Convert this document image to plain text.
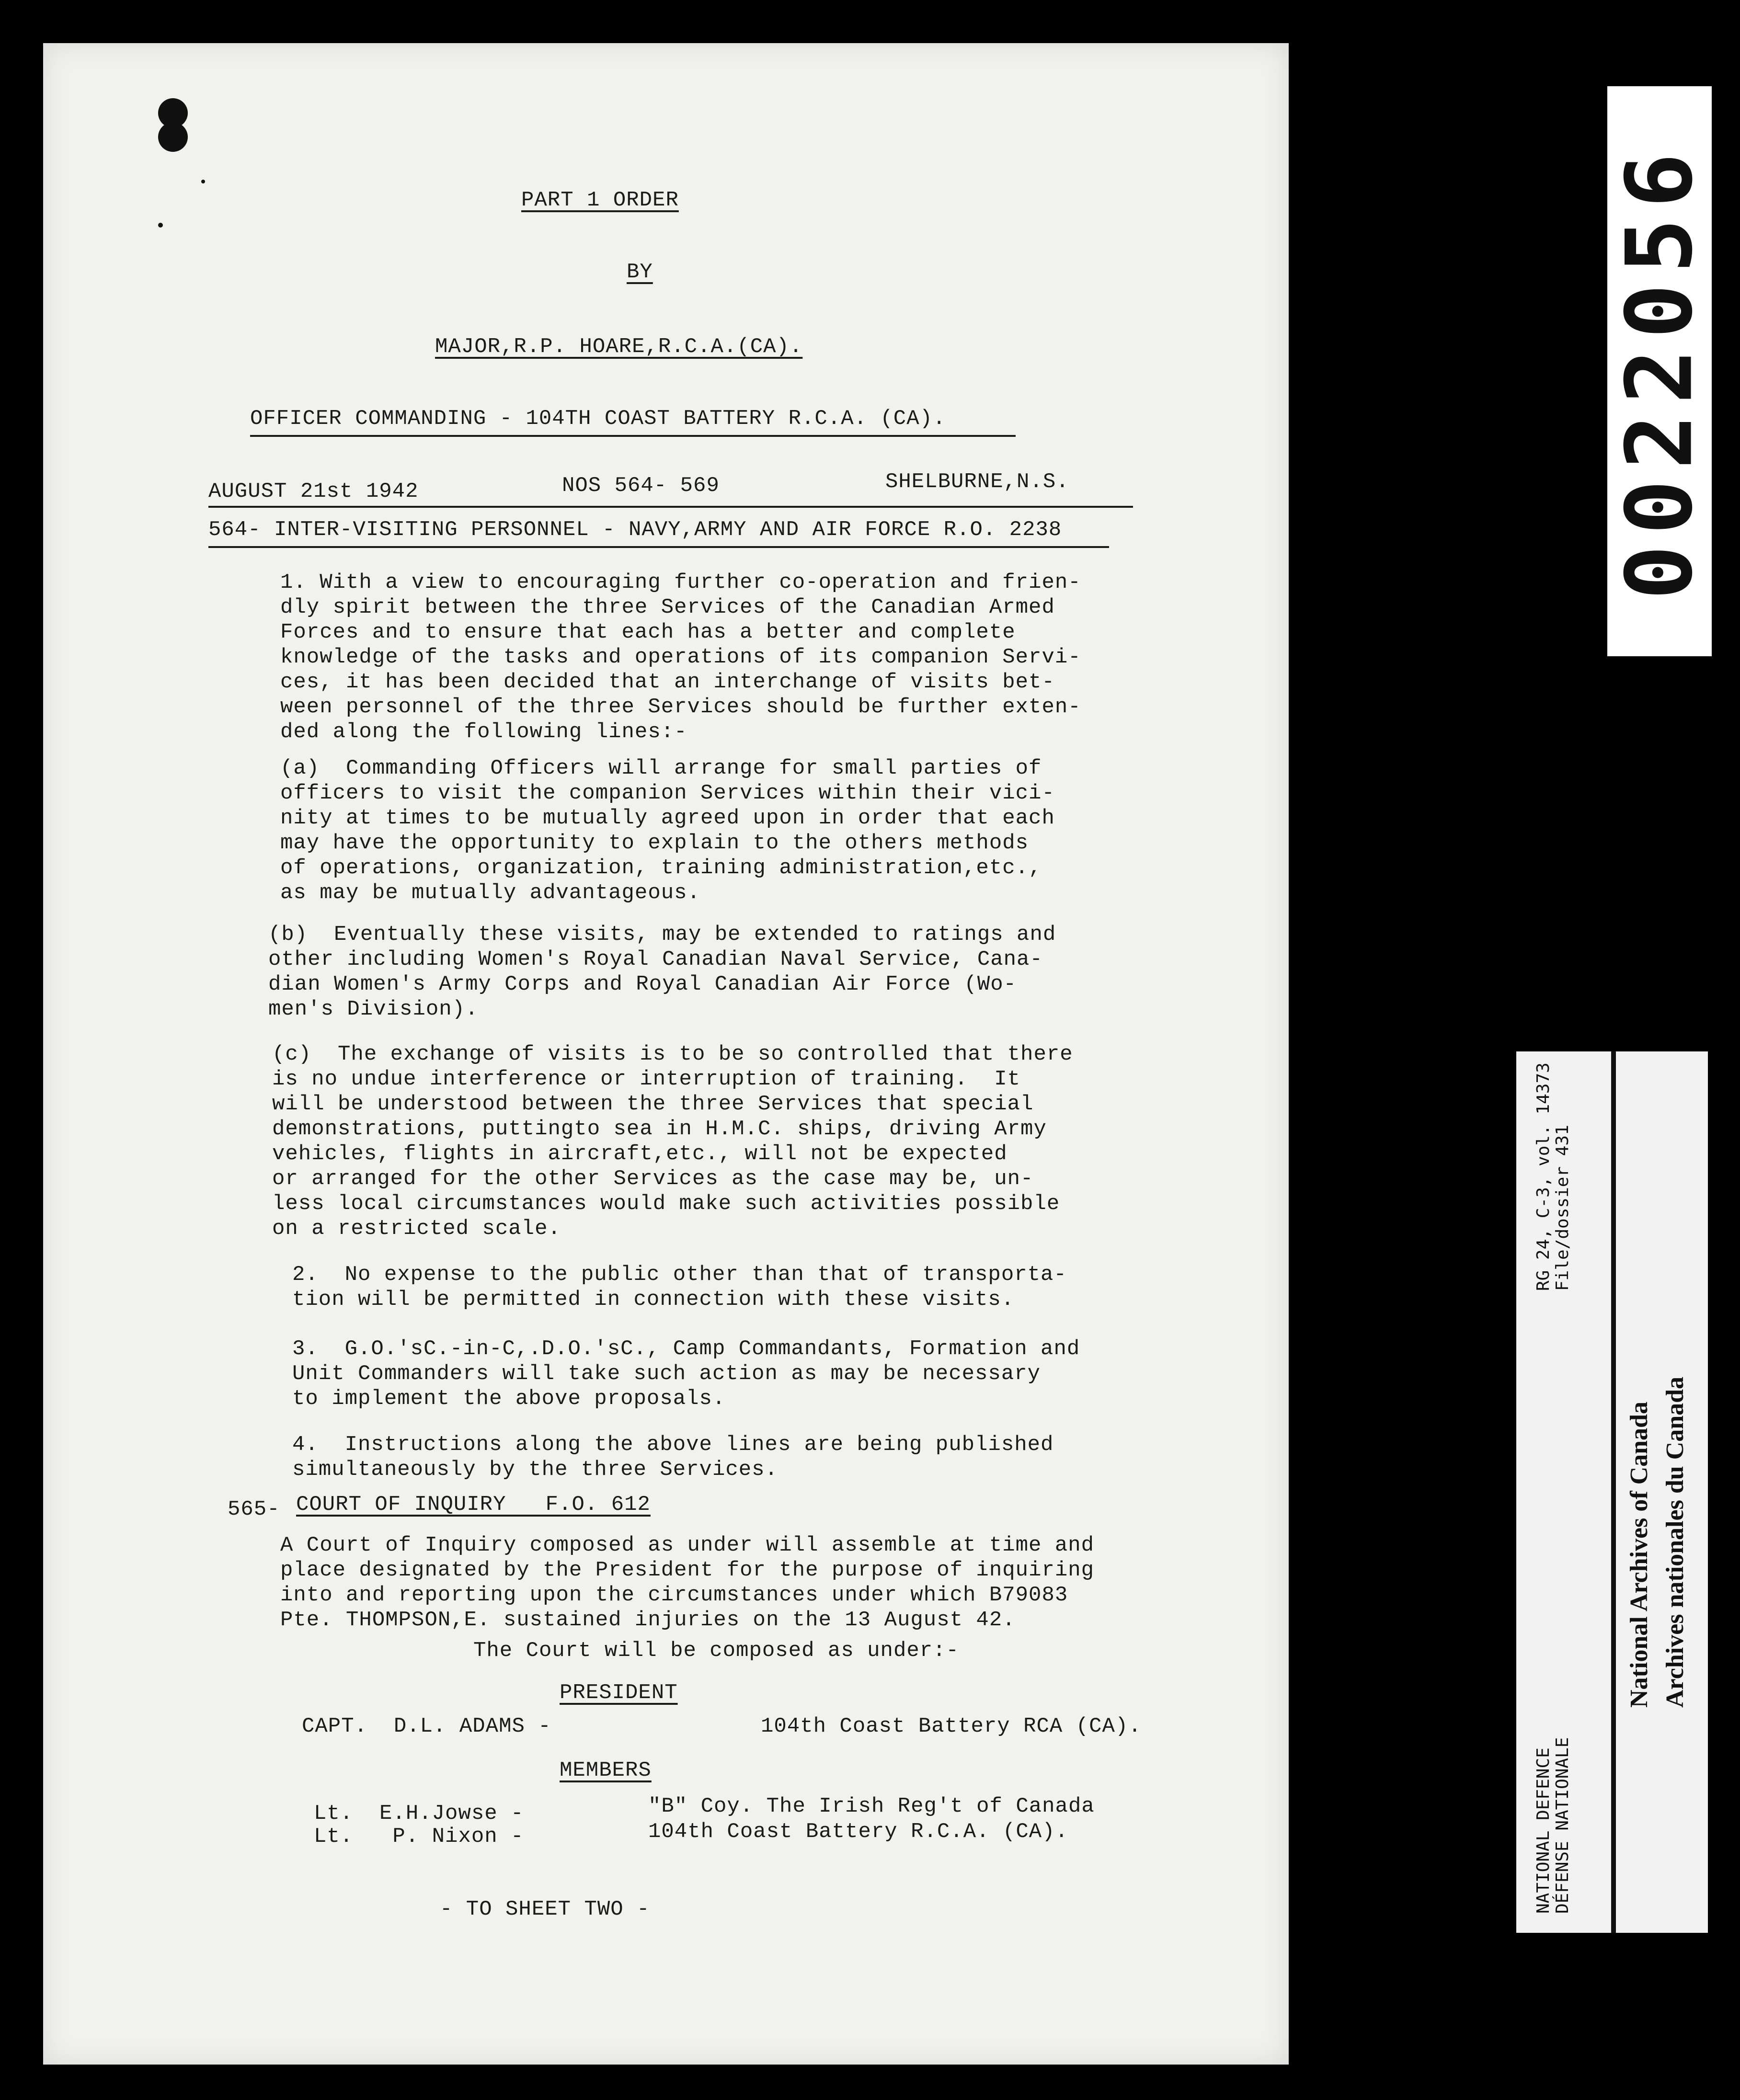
PART 1 ORDER
BY
MAJOR,R.P. HOARE,R.C.A.(CA).
OFFICER COMMANDING - 104TH COAST BATTERY R.C.A. (CA).
AUGUST 21st 1942	NOS 564- 569	SHELBURNE,N.S.
564- INTER-VISITING PERSONNEL - NAVY,ARMY AND AIR FORCE R.O. 2238
1. With a view to encouraging further co-operation and frien-
dly spirit between the three Services of the Canadian Armed
Forces and to ensure that each has a better and complete
knowledge of the tasks and operations of its companion Servi-
ces, it has been decided that an interchange of visits bet-
ween personnel of the three Services should be further exten-
ded along the following lines:-
(a)  Commanding Officers will arrange for small parties of
officers to visit the companion Services within their vici-
nity at times to be mutually agreed upon in order that each
may have the opportunity to explain to the others methods
of operations, organization, training administration,etc.,
as may be mutually advantageous.
(b)  Eventually these visits, may be extended to ratings and
other including Women's Royal Canadian Naval Service, Cana-
dian Women's Army Corps and Royal Canadian Air Force (Wo-
men's Division).
(c)  The exchange of visits is to be so controlled that there
is no undue interference or interruption of training.  It
will be understood between the three Services that special
demonstrations, puttingto sea in H.M.C. ships, driving Army
vehicles, flights in aircraft,etc., will not be expected
or arranged for the other Services as the case may be, un-
less local circumstances would make such activities possible
on a restricted scale.
2.  No expense to the public other than that of transporta-
tion will be permitted in connection with these visits.
3.  G.O.'sC.-in-C,.D.O.'sC., Camp Commandants, Formation and
Unit Commanders will take such action as may be necessary
to implement the above proposals.
4.  Instructions along the above lines are being published
simultaneously by the three Services.
565- COURT OF INQUIRY   F.O. 612
A Court of Inquiry composed as under will assemble at time and
place designated by the President for the purpose of inquiring
into and reporting upon the circumstances under which B79083
Pte. THOMPSON,E. sustained injuries on the 13 August 42.
The Court will be composed as under:-
PRESIDENT
CAPT.  D.L. ADAMS -	104th Coast Battery RCA (CA).
MEMBERS
Lt.  E.H.Jowse -	"B" Coy. The Irish Reg't of Canada
Lt.   P. Nixon -	104th Coast Battery R.C.A. (CA).
- TO SHEET TWO -
0022056
RG 24, C-3, vol. 14373 File/dossier 431
NATIONAL DEFENCE DÉFENSE NATIONALE
National Archives of Canada Archives nationales du Canada
